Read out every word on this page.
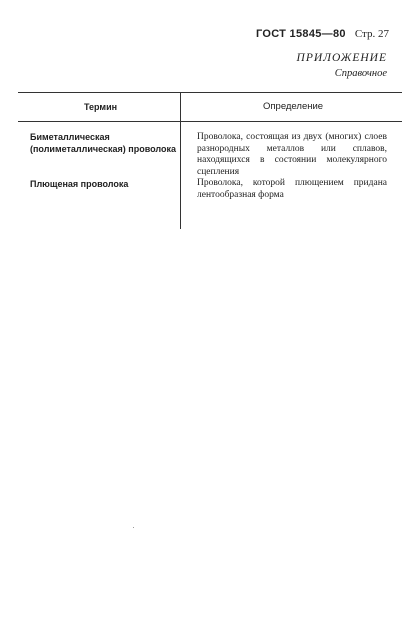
ГОСТ 15845—80 Стр. 27
ПРИЛОЖЕНИЕ
Справочное
Термин	Определение
Биметаллическая (полиметаллическая) проволока
Проволока, состоящая из двух (многих) слоев разнородных металлов или сплавов, находящихся в состоянии молекулярного сцепления
Плющеная проволока	Проволока, которой плющением придана лентообразная форма
